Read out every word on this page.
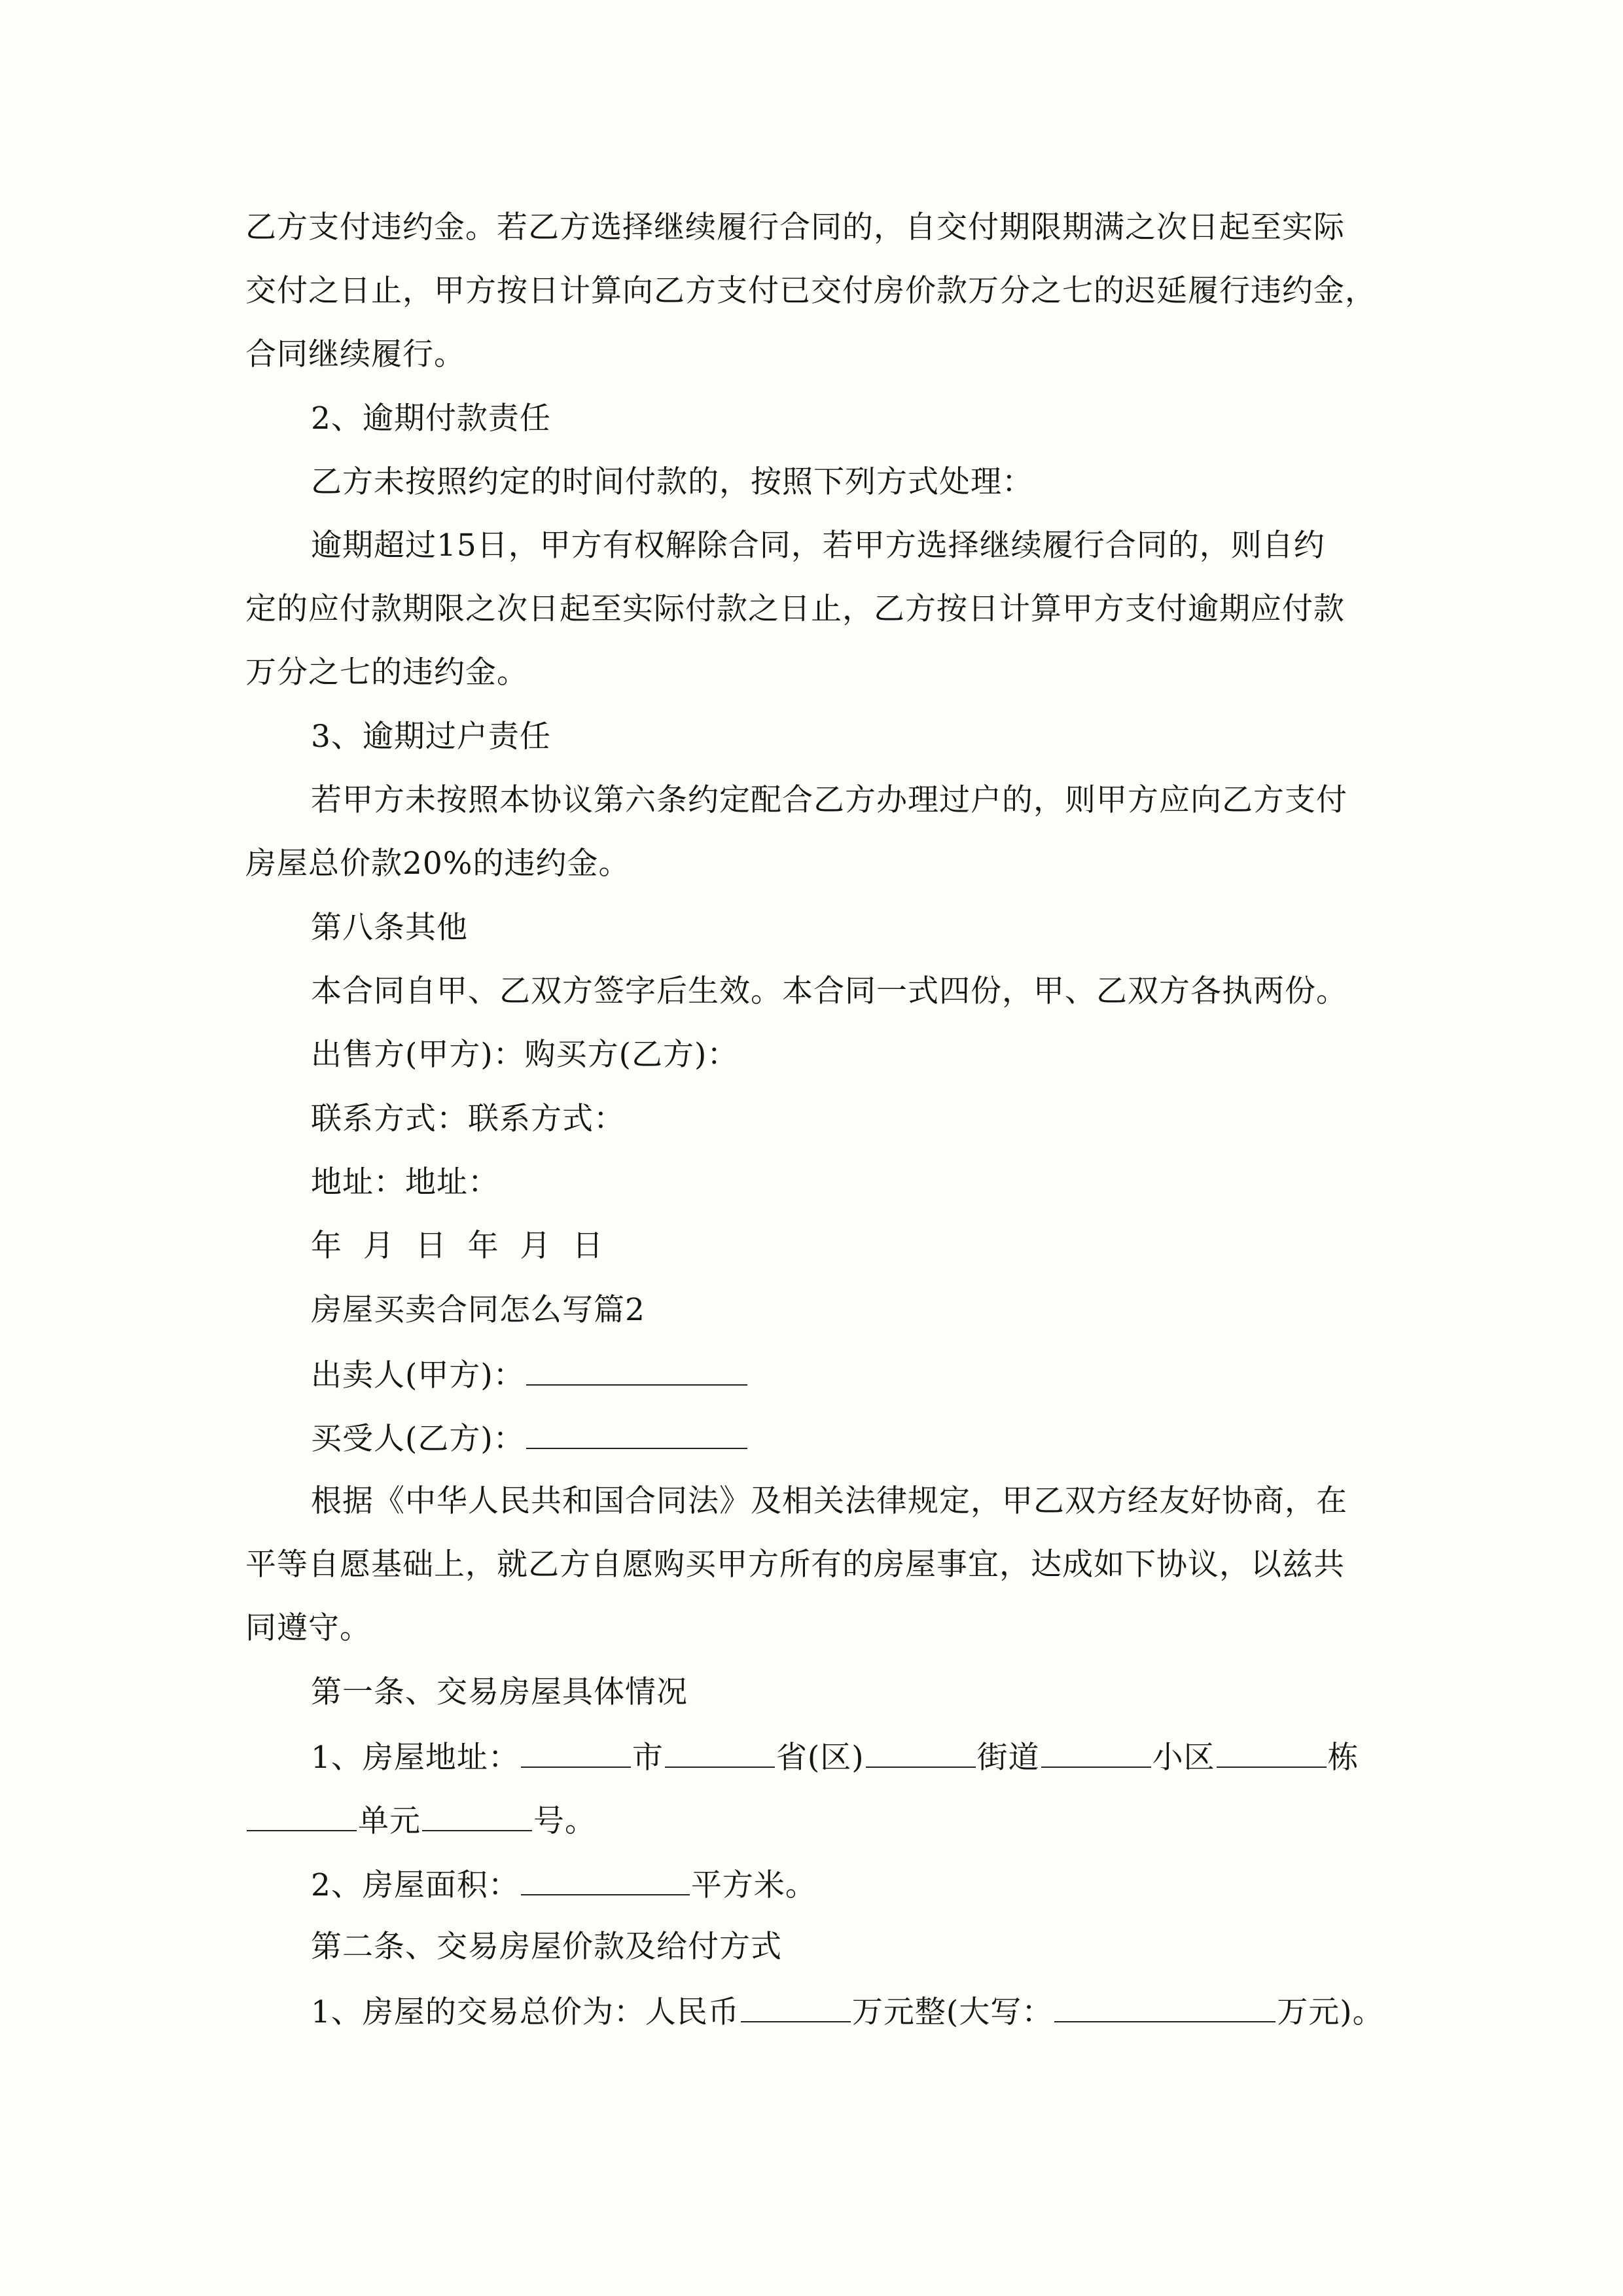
乙方支付违约金。若乙方选择继续履行合同的，自交付期限期满之次日起至实际
交付之日止，甲方按日计算向乙方支付已交付房价款万分之七的迟延履行违约金，
合同继续履行。
2、逾期付款责任
乙方未按照约定的时间付款的，按照下列方式处理：
逾期超过15日，甲方有权解除合同，若甲方选择继续履行合同的，则自约
定的应付款期限之次日起至实际付款之日止，乙方按日计算甲方支付逾期应付款
万分之七的违约金。
3、逾期过户责任
若甲方未按照本协议第六条约定配合乙方办理过户的，则甲方应向乙方支付
房屋总价款20%的违约金。
第八条其他
本合同自甲、乙双方签字后生效。本合同一式四份，甲、乙双方各执两份。
出售方(甲方)：购买方(乙方)：
联系方式：联系方式：
地址：地址：
年  月  日  年  月  日
房屋买卖合同怎么写篇2
出卖人(甲方)：
买受人(乙方)：
根据《中华人民共和国合同法》及相关法律规定，甲乙双方经友好协商，在
平等自愿基础上，就乙方自愿购买甲方所有的房屋事宜，达成如下协议，以兹共
同遵守。
第一条、交易房屋具体情况
1、房屋地址：	市	省(区)	街道	小区	栋
单元	号。
2、房屋面积：	平方米。
第二条、交易房屋价款及给付方式
1、房屋的交易总价为：人民币	万元整(大写：	万元)。
